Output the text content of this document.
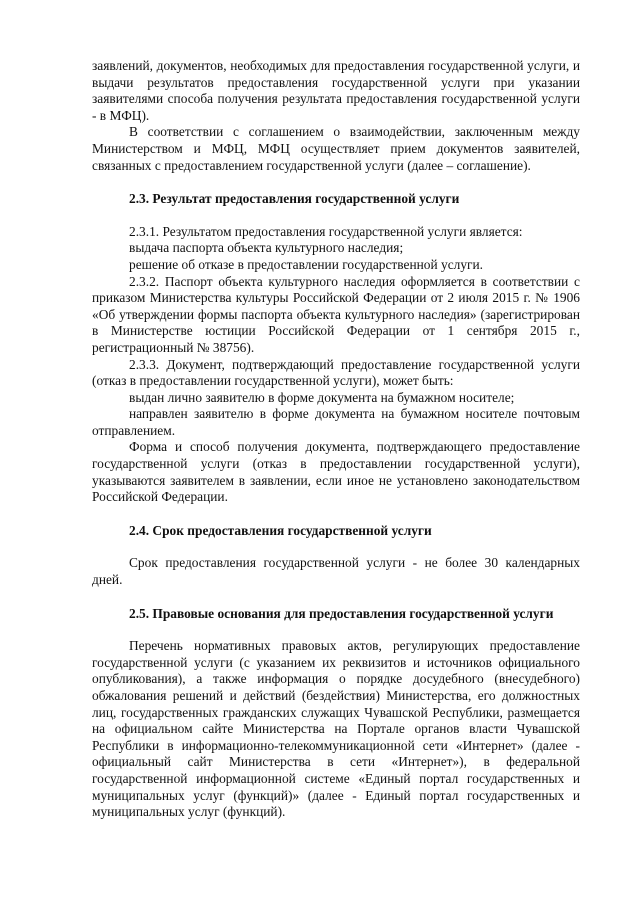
заявлений, документов, необходимых для предоставления государственной услуги, и выдачи результатов предоставления государственной услуги при указании заявителями способа получения результата предоставления государственной услуги - в МФЦ).

В соответствии с соглашением о взаимодействии, заключенным между Министерством и МФЦ, МФЦ осуществляет прием документов заявителей, связанных с предоставлением государственной услуги (далее – соглашение).

2.3. Результат предоставления государственной услуги

2.3.1. Результатом предоставления государственной услуги является:

выдача паспорта объекта культурного наследия;

решение об отказе в предоставлении государственной услуги.

2.3.2. Паспорт объекта культурного наследия оформляется в соответствии с приказом Министерства культуры Российской Федерации от 2 июля 2015 г. № 1906 «Об утверждении формы паспорта объекта культурного наследия» (зарегистрирован в Министерстве юстиции Российской Федерации от 1 сентября 2015 г., регистрационный № 38756).

2.3.3. Документ, подтверждающий предоставление государственной услуги (отказ в предоставлении государственной услуги), может быть:

выдан лично заявителю в форме документа на бумажном носителе;

направлен заявителю в форме документа на бумажном носителе почтовым отправлением.

Форма и способ получения документа, подтверждающего предоставление государственной услуги (отказ в предоставлении государственной услуги), указываются заявителем в заявлении, если иное не установлено законодательством Российской Федерации.

2.4. Срок предоставления государственной услуги

Срок предоставления государственной услуги - не более 30 календарных дней.

2.5. Правовые основания для предоставления государственной услуги

Перечень нормативных правовых актов, регулирующих предоставление государственной услуги (с указанием их реквизитов и источников официального опубликования), а также информация о порядке досудебного (внесудебного) обжалования решений и действий (бездействия) Министерства, его должностных лиц, государственных гражданских служащих Чувашской Республики, размещается на официальном сайте Министерства на Портале органов власти Чувашской Республики в информационно-телекоммуникационной сети «Интернет» (далее - официальный сайт Министерства в сети «Интернет»), в федеральной государственной информационной системе «Единый портал государственных и муниципальных услуг (функций)» (далее - Единый портал государственных и муниципальных услуг (функций).
